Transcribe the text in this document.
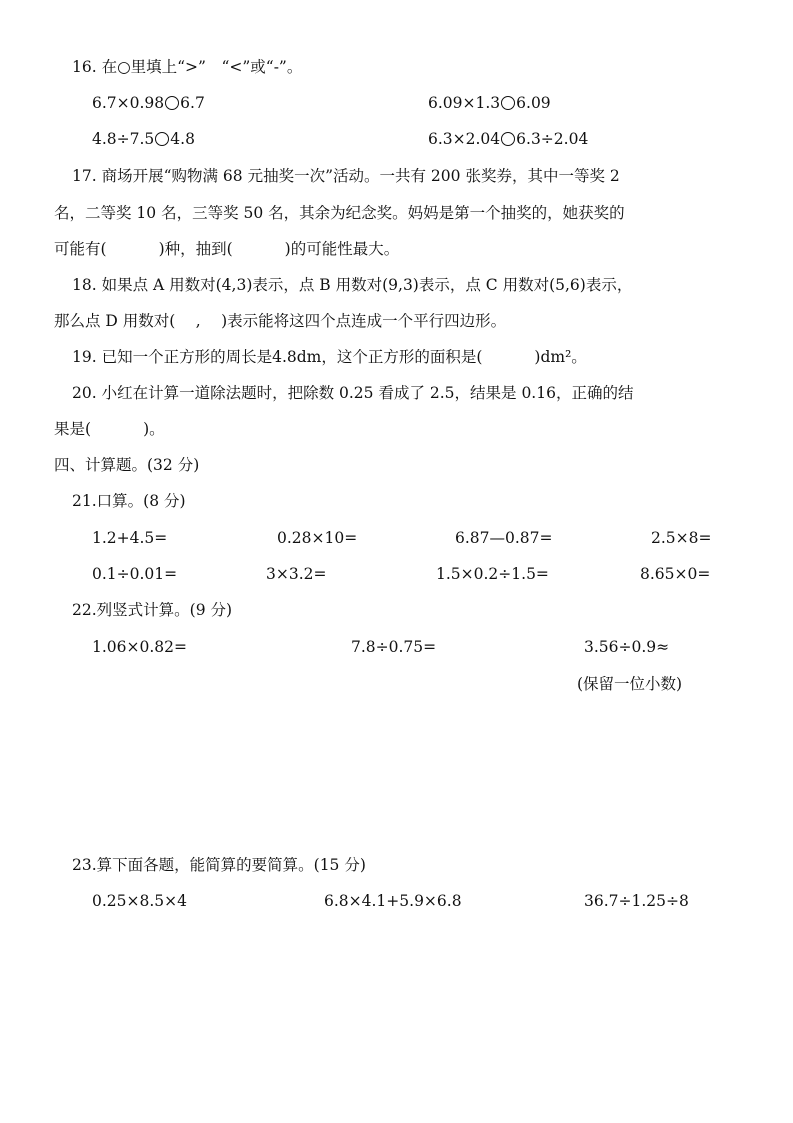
16. 在○里填上“>”　“<”或“-”。
6.7×0.98 6.7	6.09×1.3 6.09
4.8÷7.5 4.8	6.3×2.04 6.3÷2.04
17. 商场开展“购物满 68 元抽奖一次”活动。一共有 200 张奖券，其中一等奖 2
名，二等奖 10 名，三等奖 50 名，其余为纪念奖。妈妈是第一个抽奖的，她获奖的
可能有(	)种，抽到(	)的可能性最大。
18. 如果点 A 用数对(4,3)表示，点 B 用数对(9,3)表示，点 C 用数对(5,6)表示，
那么点 D 用数对(　 ,　 )表示能将这四个点连成一个平行四边形。
19. 已知一个正方形的周长是4.8dm，这个正方形的面积是(	)dm²。
20. 小红在计算一道除法题时，把除数 0.25 看成了 2.5，结果是 0.16，正确的结
果是(	)。
四、计算题。(32 分)
21.口算。(8 分)
1.2+4.5=	0.28×10=	6.87—0.87=	2.5×8=
0.1÷0.01=	3×3.2=	1.5×0.2÷1.5=	8.65×0=
22.列竖式计算。(9 分)
1.06×0.82=	7.8÷0.75=	3.56÷0.9≈
(保留一位小数)
23.算下面各题，能简算的要简算。(15 分)
0.25×8.5×4	6.8×4.1+5.9×6.8	36.7÷1.25÷8
